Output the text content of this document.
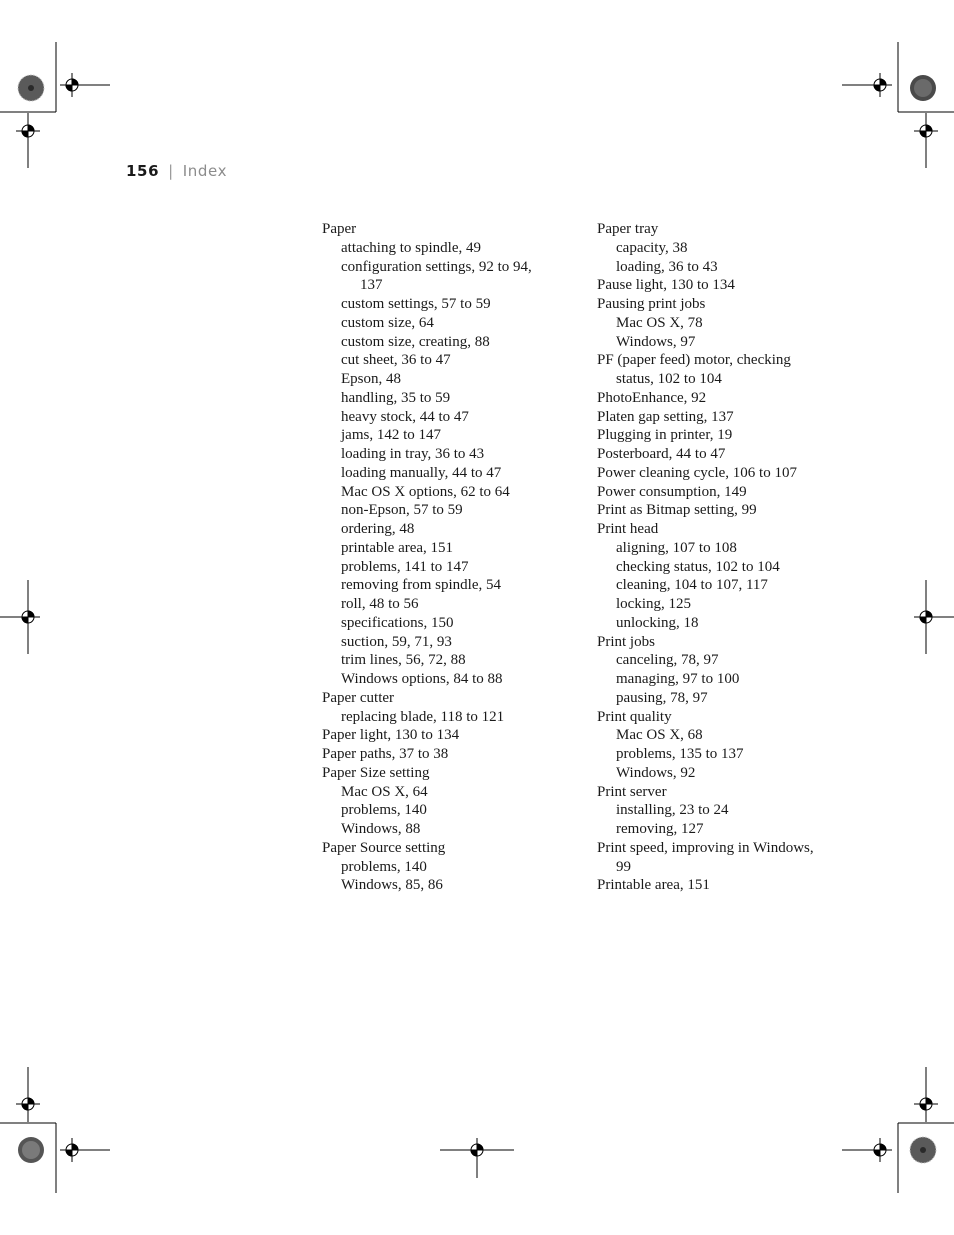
156 | Index
Paper
attaching to spindle, 49
configuration settings, 92 to 94,
137
custom settings, 57 to 59
custom size, 64
custom size, creating, 88
cut sheet, 36 to 47
Epson, 48
handling, 35 to 59
heavy stock, 44 to 47
jams, 142 to 147
loading in tray, 36 to 43
loading manually, 44 to 47
Mac OS X options, 62 to 64
non-Epson, 57 to 59
ordering, 48
printable area, 151
problems, 141 to 147
removing from spindle, 54
roll, 48 to 56
specifications, 150
suction, 59, 71, 93
trim lines, 56, 72, 88
Windows options, 84 to 88
Paper cutter
replacing blade, 118 to 121
Paper light, 130 to 134
Paper paths, 37 to 38
Paper Size setting
Mac OS X, 64
problems, 140
Windows, 88
Paper Source setting
problems, 140
Windows, 85, 86
Paper tray
capacity, 38
loading, 36 to 43
Pause light, 130 to 134
Pausing print jobs
Mac OS X, 78
Windows, 97
PF (paper feed) motor, checking
status, 102 to 104
PhotoEnhance, 92
Platen gap setting, 137
Plugging in printer, 19
Posterboard, 44 to 47
Power cleaning cycle, 106 to 107
Power consumption, 149
Print as Bitmap setting, 99
Print head
aligning, 107 to 108
checking status, 102 to 104
cleaning, 104 to 107, 117
locking, 125
unlocking, 18
Print jobs
canceling, 78, 97
managing, 97 to 100
pausing, 78, 97
Print quality
Mac OS X, 68
problems, 135 to 137
Windows, 92
Print server
installing, 23 to 24
removing, 127
Print speed, improving in Windows,
99
Printable area, 151
